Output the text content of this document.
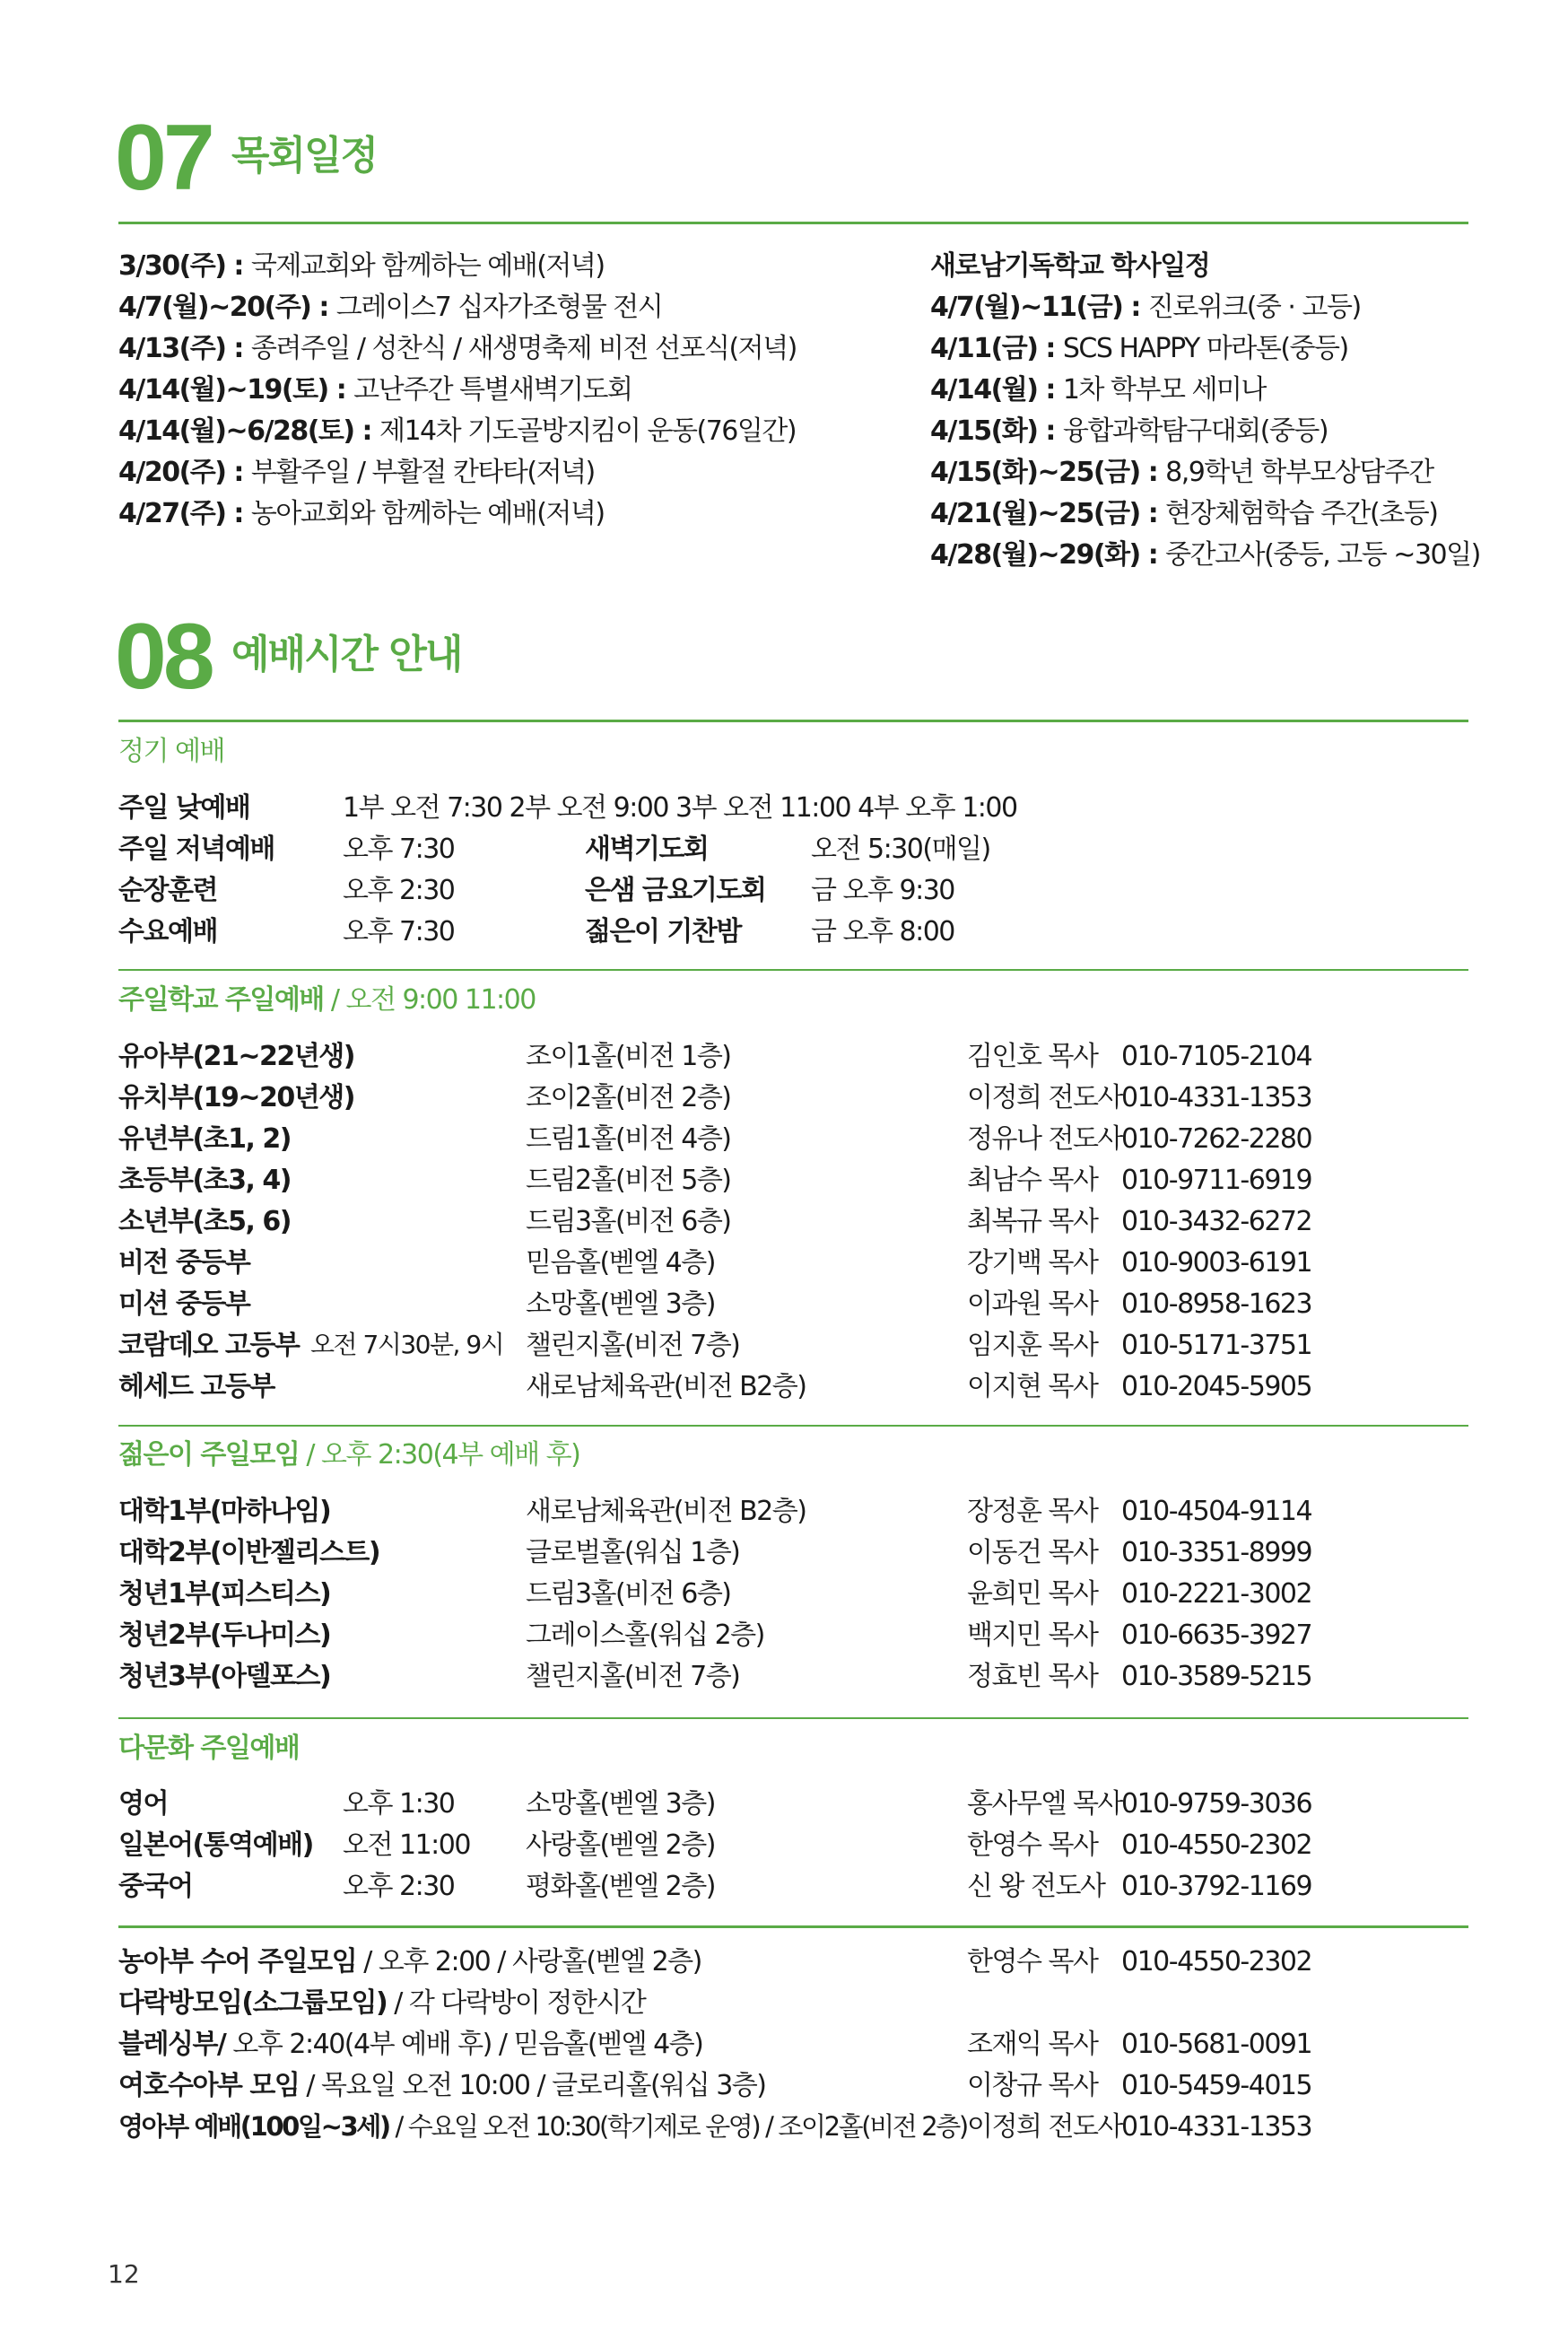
07 목회일정
3/30(주) : 국제교회와 함께하는 예배(저녁)
4/7(월)~20(주) : 그레이스7 십자가조형물 전시
4/13(주) : 종려주일 / 성찬식 / 새생명축제 비전 선포식(저녁)
4/14(월)~19(토) : 고난주간 특별새벽기도회
4/14(월)~6/28(토) : 제14차 기도골방지킴이 운동(76일간)
4/20(주) : 부활주일 / 부활절 칸타타(저녁)
4/27(주) : 농아교회와 함께하는 예배(저녁)
새로남기독학교 학사일정
4/7(월)~11(금) : 진로위크(중 · 고등)
4/11(금) : SCS HAPPY 마라톤(중등)
4/14(월) : 1차 학부모 세미나
4/15(화) : 융합과학탐구대회(중등)
4/15(화)~25(금) : 8,9학년 학부모상담주간
4/21(월)~25(금) : 현장체험학습 주간(초등)
4/28(월)~29(화) : 중간고사(중등, 고등 ~30일)
08 예배시간 안내
정기 예배
주일 낮예배	1부 오전 7:30 2부 오전 9:00 3부 오전 11:00 4부 오후 1:00
주일 저녁예배	오후 7:30	새벽기도회	오전 5:30(매일)
순장훈련	오후 2:30	은샘 금요기도회 금 오후 9:30
수요예배	오후 7:30	젊은이 기찬밤	금 오후 8:00
주일학교 주일예배 / 오전 9:00 11:00
유아부(21~22년생)	조이1홀(비전 1층)	김인호 목사 010-7105-2104
유치부(19~20년생)	조이2홀(비전 2층)	이정희 전도사 010-4331-1353
유년부(초1, 2)	드림1홀(비전 4층)	정유나 전도사 010-7262-2280
초등부(초3, 4)	드림2홀(비전 5층)	최남수 목사 010-9711-6919
소년부(초5, 6)	드림3홀(비전 6층)	최복규 목사 010-3432-6272
비전 중등부	믿음홀(벧엘 4층)	강기백 목사 010-9003-6191
미션 중등부	소망홀(벧엘 3층)	이과원 목사 010-8958-1623
코람데오 고등부 오전 7시30분, 9시 챌린지홀(비전 7층)	임지훈 목사 010-5171-3751
헤세드 고등부	새로남체육관(비전 B2층)	이지현 목사 010-2045-5905
젊은이 주일모임 / 오후 2:30(4부 예배 후)
대학1부(마하나임)	새로남체육관(비전 B2층)	장정훈 목사 010-4504-9114
대학2부(이반젤리스트)	글로벌홀(워십 1층)	이동건 목사 010-3351-8999
청년1부(피스티스)	드림3홀(비전 6층)	윤희민 목사 010-2221-3002
청년2부(두나미스)	그레이스홀(워십 2층)	백지민 목사 010-6635-3927
청년3부(아델포스)	챌린지홀(비전 7층)	정효빈 목사 010-3589-5215
다문화 주일예배
영어	오후 1:30	소망홀(벧엘 3층)	홍사무엘 목사 010-9759-3036
일본어(통역예배) 오전 11:00 사랑홀(벧엘 2층)	한영수 목사 010-4550-2302
중국어	오후 2:30	평화홀(벧엘 2층)	신 왕 전도사 010-3792-1169
농아부 수어 주일모임 / 오후 2:00 / 사랑홀(벧엘 2층)	한영수 목사 010-4550-2302
다락방모임(소그룹모임) / 각 다락방이 정한시간
블레싱부/ 오후 2:40(4부 예배 후) / 믿음홀(벧엘 4층)	조재익 목사 010-5681-0091
여호수아부 모임 / 목요일 오전 10:00 / 글로리홀(워십 3층)	이창규 목사 010-5459-4015
영아부 예배(100일~3세) / 수요일 오전 10:30(학기제로 운영) / 조이2홀(비전 2층) 이정희 전도사 010-4331-1353
12
